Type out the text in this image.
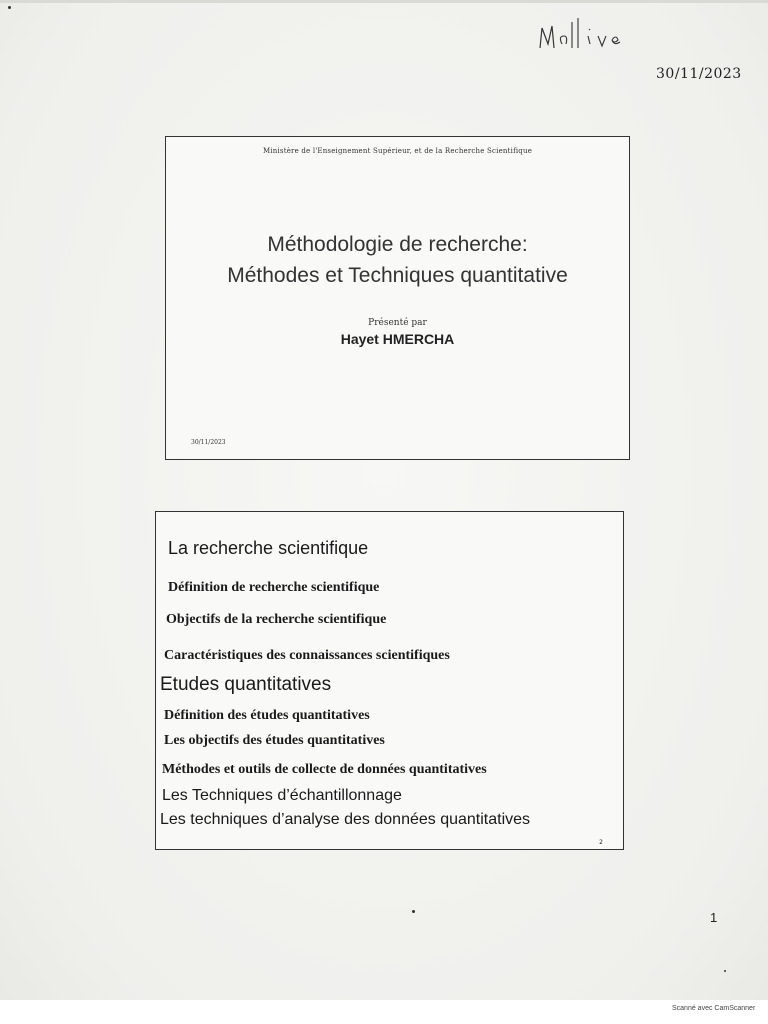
30/11/2023
Ministère de l'Enseignement Supérieur, et de la Recherche Scientifique
Méthodologie de recherche:
Méthodes et Techniques quantitative
Présenté par
Hayet HMERCHA
30/11/2023
La recherche scientifique
Définition de recherche scientifique
Objectifs de la recherche scientifique
Caractéristiques des connaissances scientifiques
Etudes quantitatives
Définition des études quantitatives
Les objectifs des études quantitatives
Méthodes et outils de collecte de données quantitatives
Les Techniques d’échantillonnage
Les techniques d’analyse des données quantitatives
2
1
Scanné avec CamScanner
